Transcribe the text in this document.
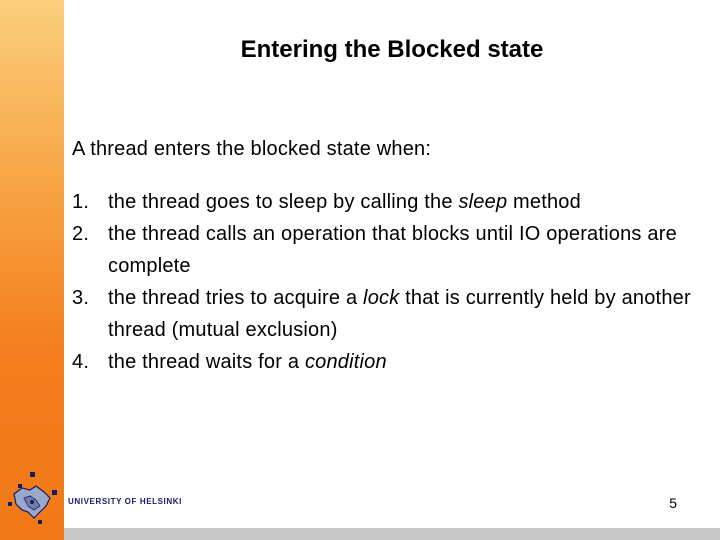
Entering the Blocked state
A thread enters the blocked state when:
1. the thread goes to sleep by calling the sleep method
2. the thread calls an operation that blocks until IO operations are complete
3. the thread tries to acquire a lock that is currently held by another thread (mutual exclusion)
4. the thread waits for a condition
UNIVERSITY OF HELSINKI	5
